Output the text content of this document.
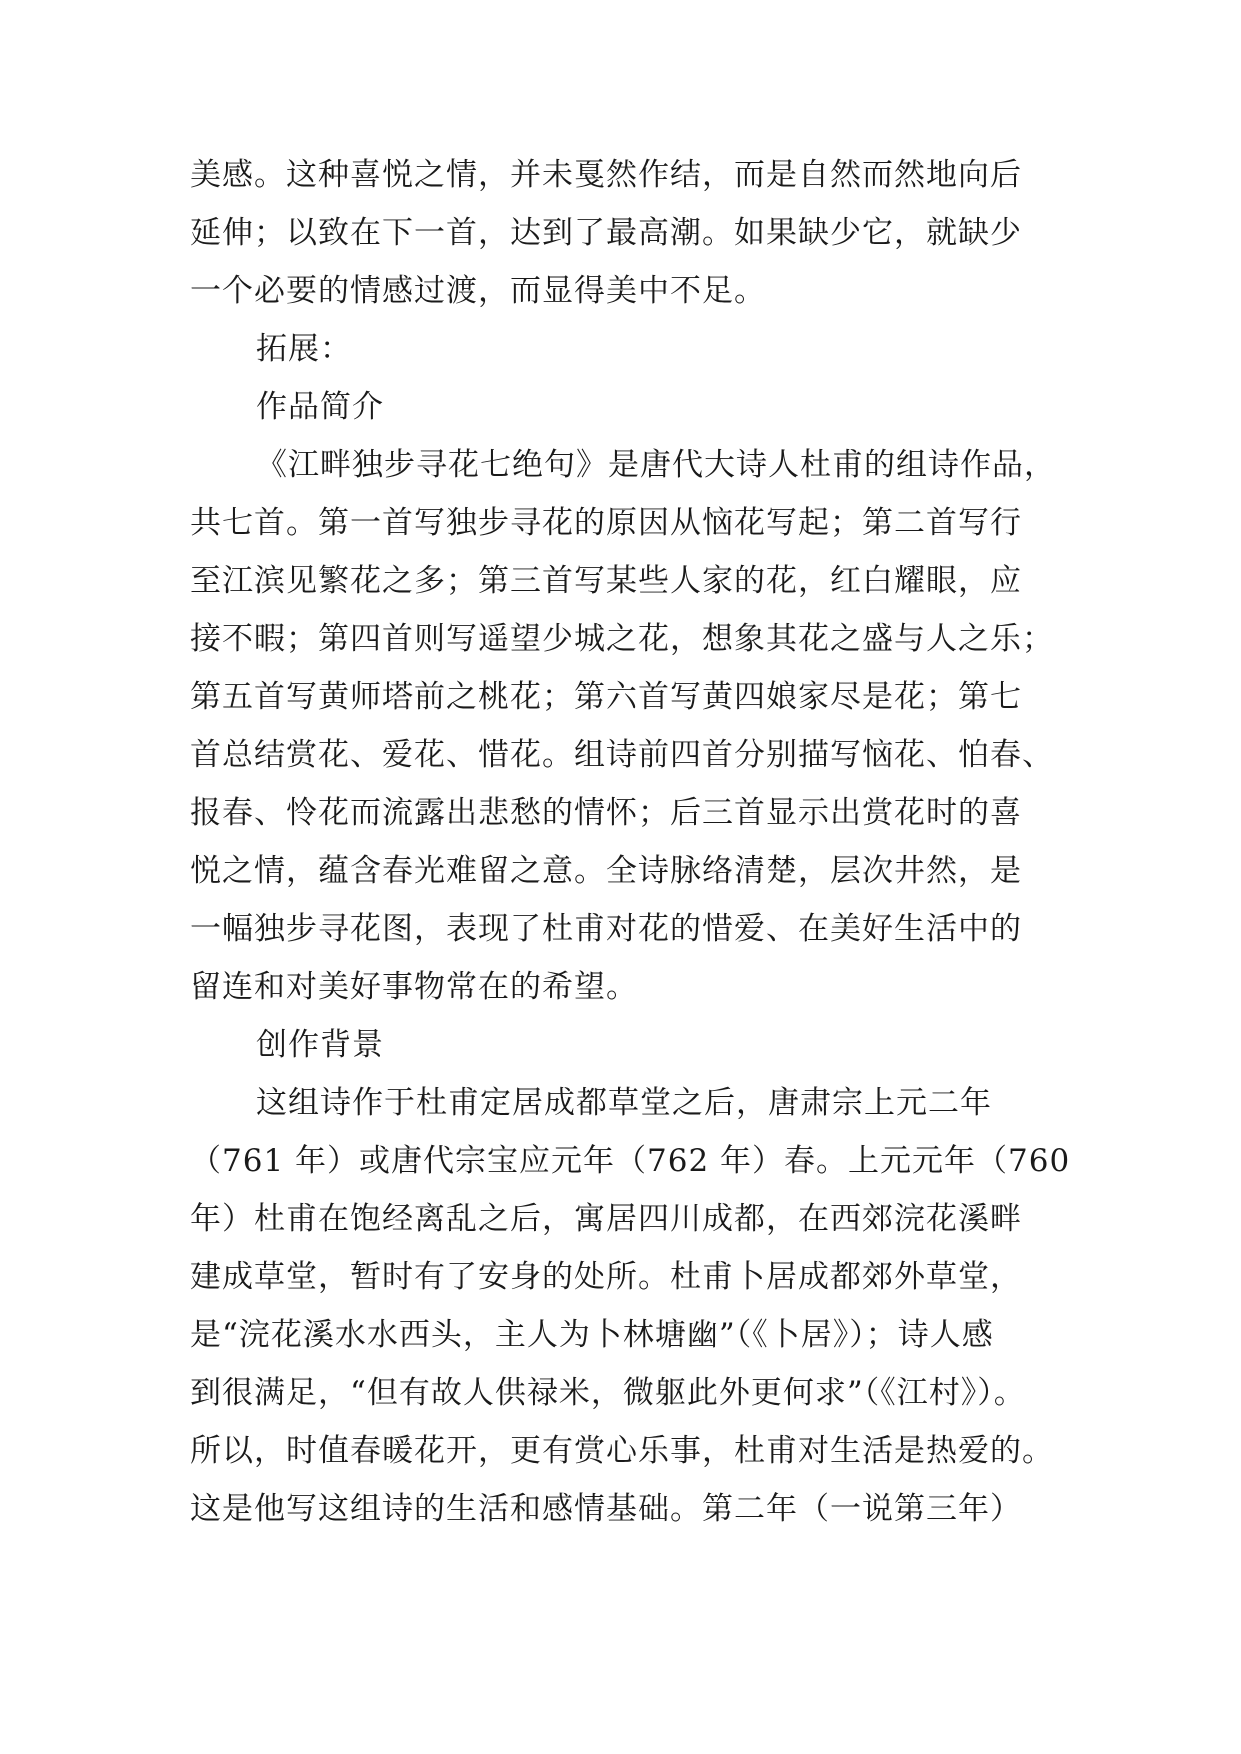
美感。这种喜悦之情，并未戛然作结，而是自然而然地向后
延伸；以致在下一首，达到了最高潮。如果缺少它，就缺少
一个必要的情感过渡，而显得美中不足。
拓展：
作品简介
《江畔独步寻花七绝句》是唐代大诗人杜甫的组诗作品，
共七首。第一首写独步寻花的原因从恼花写起；第二首写行
至江滨见繁花之多；第三首写某些人家的花，红白耀眼，应
接不暇；第四首则写遥望少城之花，想象其花之盛与人之乐；
第五首写黄师塔前之桃花；第六首写黄四娘家尽是花；第七
首总结赏花、爱花、惜花。组诗前四首分别描写恼花、怕春、
报春、怜花而流露出悲愁的情怀；后三首显示出赏花时的喜
悦之情，蕴含春光难留之意。全诗脉络清楚，层次井然，是
一幅独步寻花图，表现了杜甫对花的惜爱、在美好生活中的
留连和对美好事物常在的希望。
创作背景
这组诗作于杜甫定居成都草堂之后，唐肃宗上元二年
（761 年）或唐代宗宝应元年（762 年）春。上元元年（760
年）杜甫在饱经离乱之后，寓居四川成都，在西郊浣花溪畔
建成草堂，暂时有了安身的处所。杜甫卜居成都郊外草堂，
是“浣花溪水水西头，主人为卜林塘幽”（《卜居》）；诗人感
到很满足，“但有故人供禄米，微躯此外更何求”（《江村》）。
所以，时值春暖花开，更有赏心乐事，杜甫对生活是热爱的。
这是他写这组诗的生活和感情基础。第二年（一说第三年）
